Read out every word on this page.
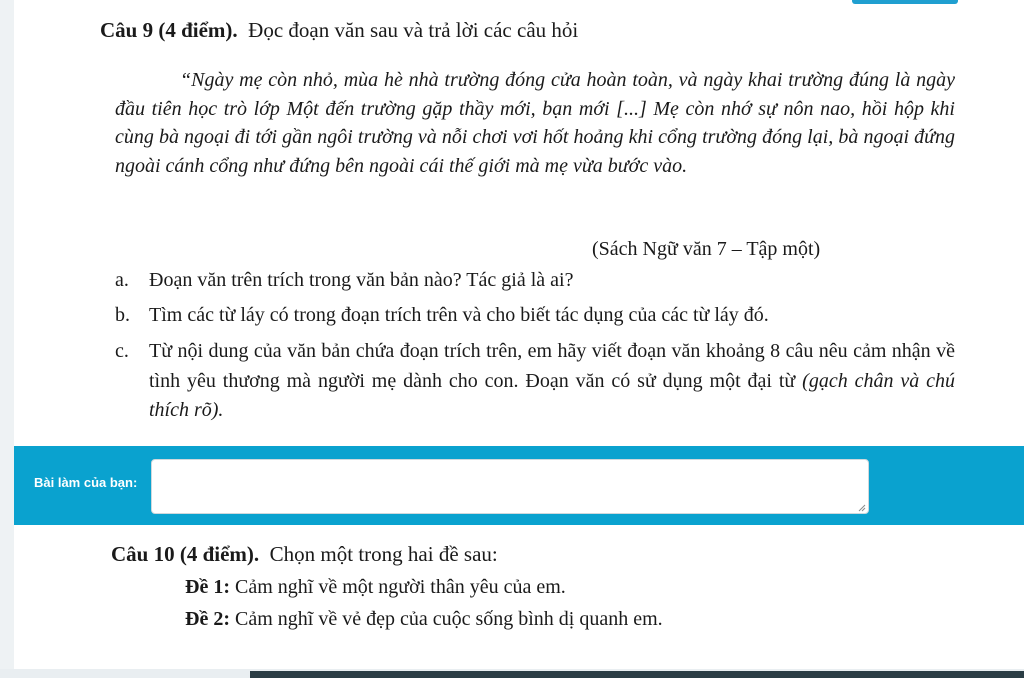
Câu 9 (4 điểm). Đọc đoạn văn sau và trả lời các câu hỏi

“Ngày mẹ còn nhỏ, mùa hè nhà trường đóng cửa hoàn toàn, và ngày khai trường đúng là ngày đầu tiên học trò lớp Một đến trường gặp thầy mới, bạn mới [...] Mẹ còn nhớ sự nôn nao, hồi hộp khi cùng bà ngoại đi tới gần ngôi trường và nỗi chơi vơi hốt hoảng khi cổng trường đóng lại, bà ngoại đứng ngoài cánh cổng như đứng bên ngoài cái thế giới mà mẹ vừa bước vào.

(Sách Ngữ văn 7 – Tập một)
a. Đoạn văn trên trích trong văn bản nào? Tác giả là ai?
b. Tìm các từ láy có trong đoạn trích trên và cho biết tác dụng của các từ láy đó.
c. Từ nội dung của văn bản chứa đoạn trích trên, em hãy viết đoạn văn khoảng 8 câu nêu cảm nhận về tình yêu thương mà người mẹ dành cho con. Đoạn văn có sử dụng một đại từ (gạch chân và chú thích rõ).
Bài làm của bạn:
Câu 10 (4 điểm). Chọn một trong hai đề sau:
Đề 1: Cảm nghĩ về một người thân yêu của em.
Đề 2: Cảm nghĩ về vẻ đẹp của cuộc sống bình dị quanh em.
